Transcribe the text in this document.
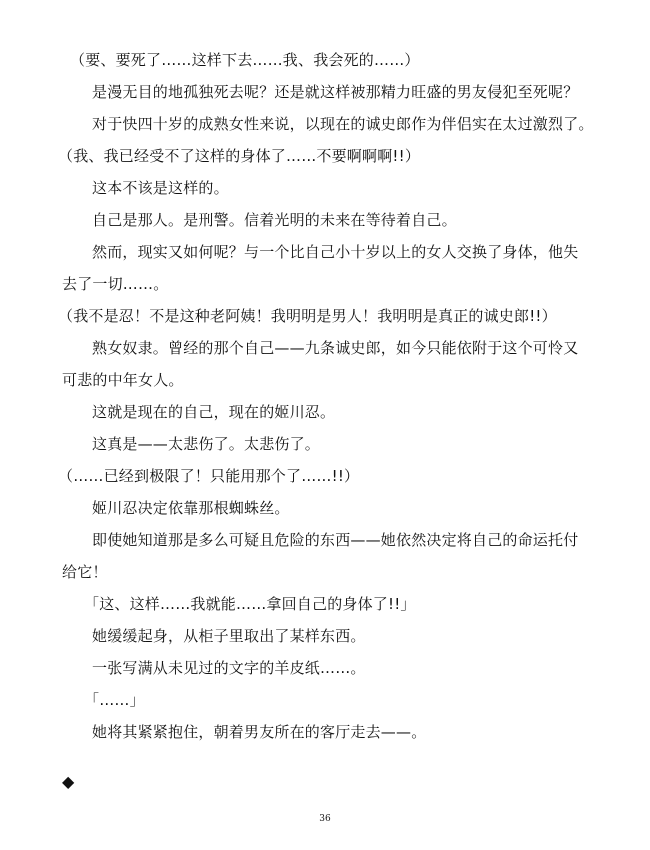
（要、要死了……这样下去……我、我会死的……）
是漫无目的地孤独死去呢？还是就这样被那精力旺盛的男友侵犯至死呢？
对于快四十岁的成熟女性来说，以现在的诚史郎作为伴侣实在太过激烈了。
（我、我已经受不了这样的身体了……不要啊啊啊!!）
这本不该是这样的。
自己是那人。是刑警。信着光明的未来在等待着自己。
然而，现实又如何呢？与一个比自己小十岁以上的女人交换了身体，他失
去了一切……。
（我不是忍！不是这种老阿姨！我明明是男人！我明明是真正的诚史郎!!）
熟女奴隶。曾经的那个自己——九条诚史郎，如今只能依附于这个可怜又
可悲的中年女人。
这就是现在的自己，现在的姬川忍。
这真是——太悲伤了。太悲伤了。
（……已经到极限了！只能用那个了……!!）
姬川忍决定依靠那根蜘蛛丝。
即使她知道那是多么可疑且危险的东西——她依然决定将自己的命运托付
给它！
「这、这样……我就能……拿回自己的身体了!!」
她缓缓起身，从柜子里取出了某样东西。
一张写满从未见过的文字的羊皮纸……。
「……」
她将其紧紧抱住，朝着男友所在的客厅走去——。
◆
36
